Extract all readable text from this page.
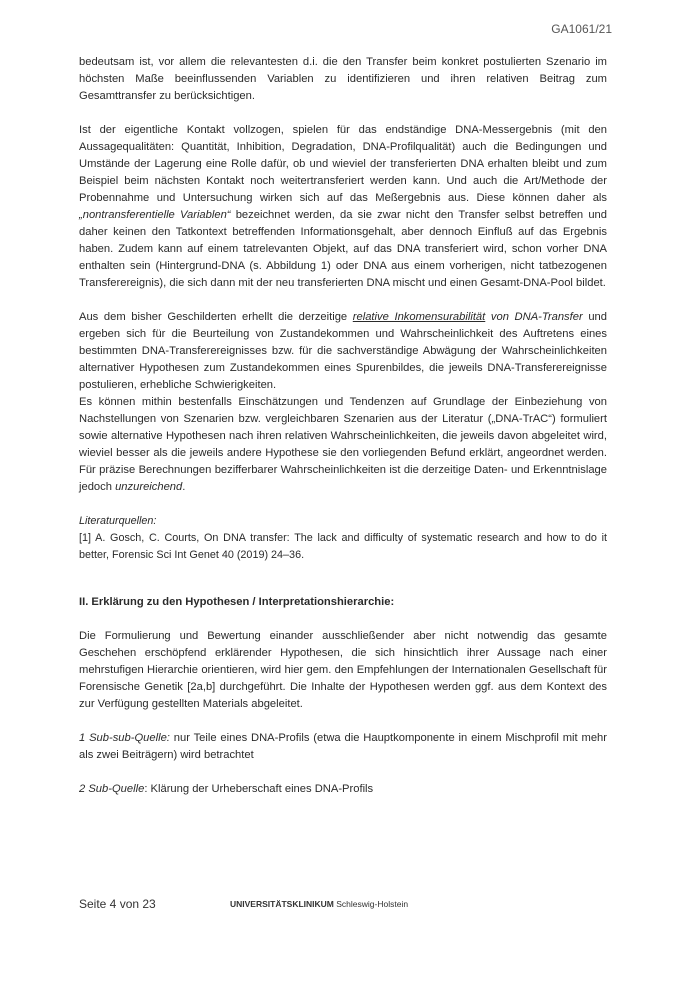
GA1061/21

bedeutsam ist, vor allem die relevantesten d.i. die den Transfer beim konkret postulierten Szenario im höchsten Maße beeinflussenden Variablen zu identifizieren und ihren relativen Beitrag zum Gesamttransfer zu berücksichtigen.

Ist der eigentliche Kontakt vollzogen, spielen für das endständige DNA-Messergebnis (mit den Aussagequalitäten: Quantität, Inhibition, Degradation, DNA-Profilqualität) auch die Bedingungen und Umstände der Lagerung eine Rolle dafür, ob und wieviel der transferierten DNA erhalten bleibt und zum Beispiel beim nächsten Kontakt noch weitertransferiert werden kann. Und auch die Art/Methode der Probennahme und Untersuchung wirken sich auf das Meßergebnis aus. Diese können daher als „nontransferentielle Variablen“ bezeichnet werden, da sie zwar nicht den Transfer selbst betreffen und daher keinen den Tatkontext betreffenden Informationsgehalt, aber dennoch Einfluß auf das Ergebnis haben. Zudem kann auf einem tatrelevanten Objekt, auf das DNA transferiert wird, schon vorher DNA enthalten sein (Hintergrund-DNA (s. Abbildung 1) oder DNA aus einem vorherigen, nicht tatbezogenen Transferereignis), die sich dann mit der neu transferierten DNA mischt und einen Gesamt-DNA-Pool bildet.

Aus dem bisher Geschilderten erhellt die derzeitige relative Inkomensurabilität von DNA-Transfer und ergeben sich für die Beurteilung von Zustandekommen und Wahrscheinlichkeit des Auftretens eines bestimmten DNA-Transferereignisses bzw. für die sachverständige Abwägung der Wahrscheinlichkeiten alternativer Hypothesen zum Zustandekommen eines Spurenbildes, die jeweils DNA-Transferereignisse postulieren, erhebliche Schwierigkeiten.

Es können mithin bestenfalls Einschätzungen und Tendenzen auf Grundlage der Einbeziehung von Nachstellungen von Szenarien bzw. vergleichbaren Szenarien aus der Literatur („DNA-TrAC“) formuliert sowie alternative Hypothesen nach ihren relativen Wahrscheinlichkeiten, die jeweils davon abgeleitet wird, wieviel besser als die jeweils andere Hypothese sie den vorliegenden Befund erklärt, angeordnet werden. Für präzise Berechnungen bezifferbarer Wahrscheinlichkeiten ist die derzeitige Daten- und Erkenntnislage jedoch unzureichend.

Literaturquellen:
[1] A. Gosch, C. Courts, On DNA transfer: The lack and difficulty of systematic research and how to do it better, Forensic Sci Int Genet 40 (2019) 24–36.

II. Erklärung zu den Hypothesen / Interpretationshierarchie:

Die Formulierung und Bewertung einander ausschließender aber nicht notwendig das gesamte Geschehen erschöpfend erklärender Hypothesen, die sich hinsichtlich ihrer Aussage nach einer mehrstufigen Hierarchie orientieren, wird hier gem. den Empfehlungen der Internationalen Gesellschaft für Forensische Genetik [2a,b] durchgeführt. Die Inhalte der Hypothesen werden ggf. aus dem Kontext des zur Verfügung gestellten Materials abgeleitet.

1 Sub-sub-Quelle: nur Teile eines DNA-Profils (etwa die Hauptkomponente in einem Mischprofil mit mehr als zwei Beiträgern) wird betrachtet

2 Sub-Quelle: Klärung der Urheberschaft eines DNA-Profils

Seite 4 von 23	UNIVERSITÄTSKLINIKUM Schleswig-Holstein
